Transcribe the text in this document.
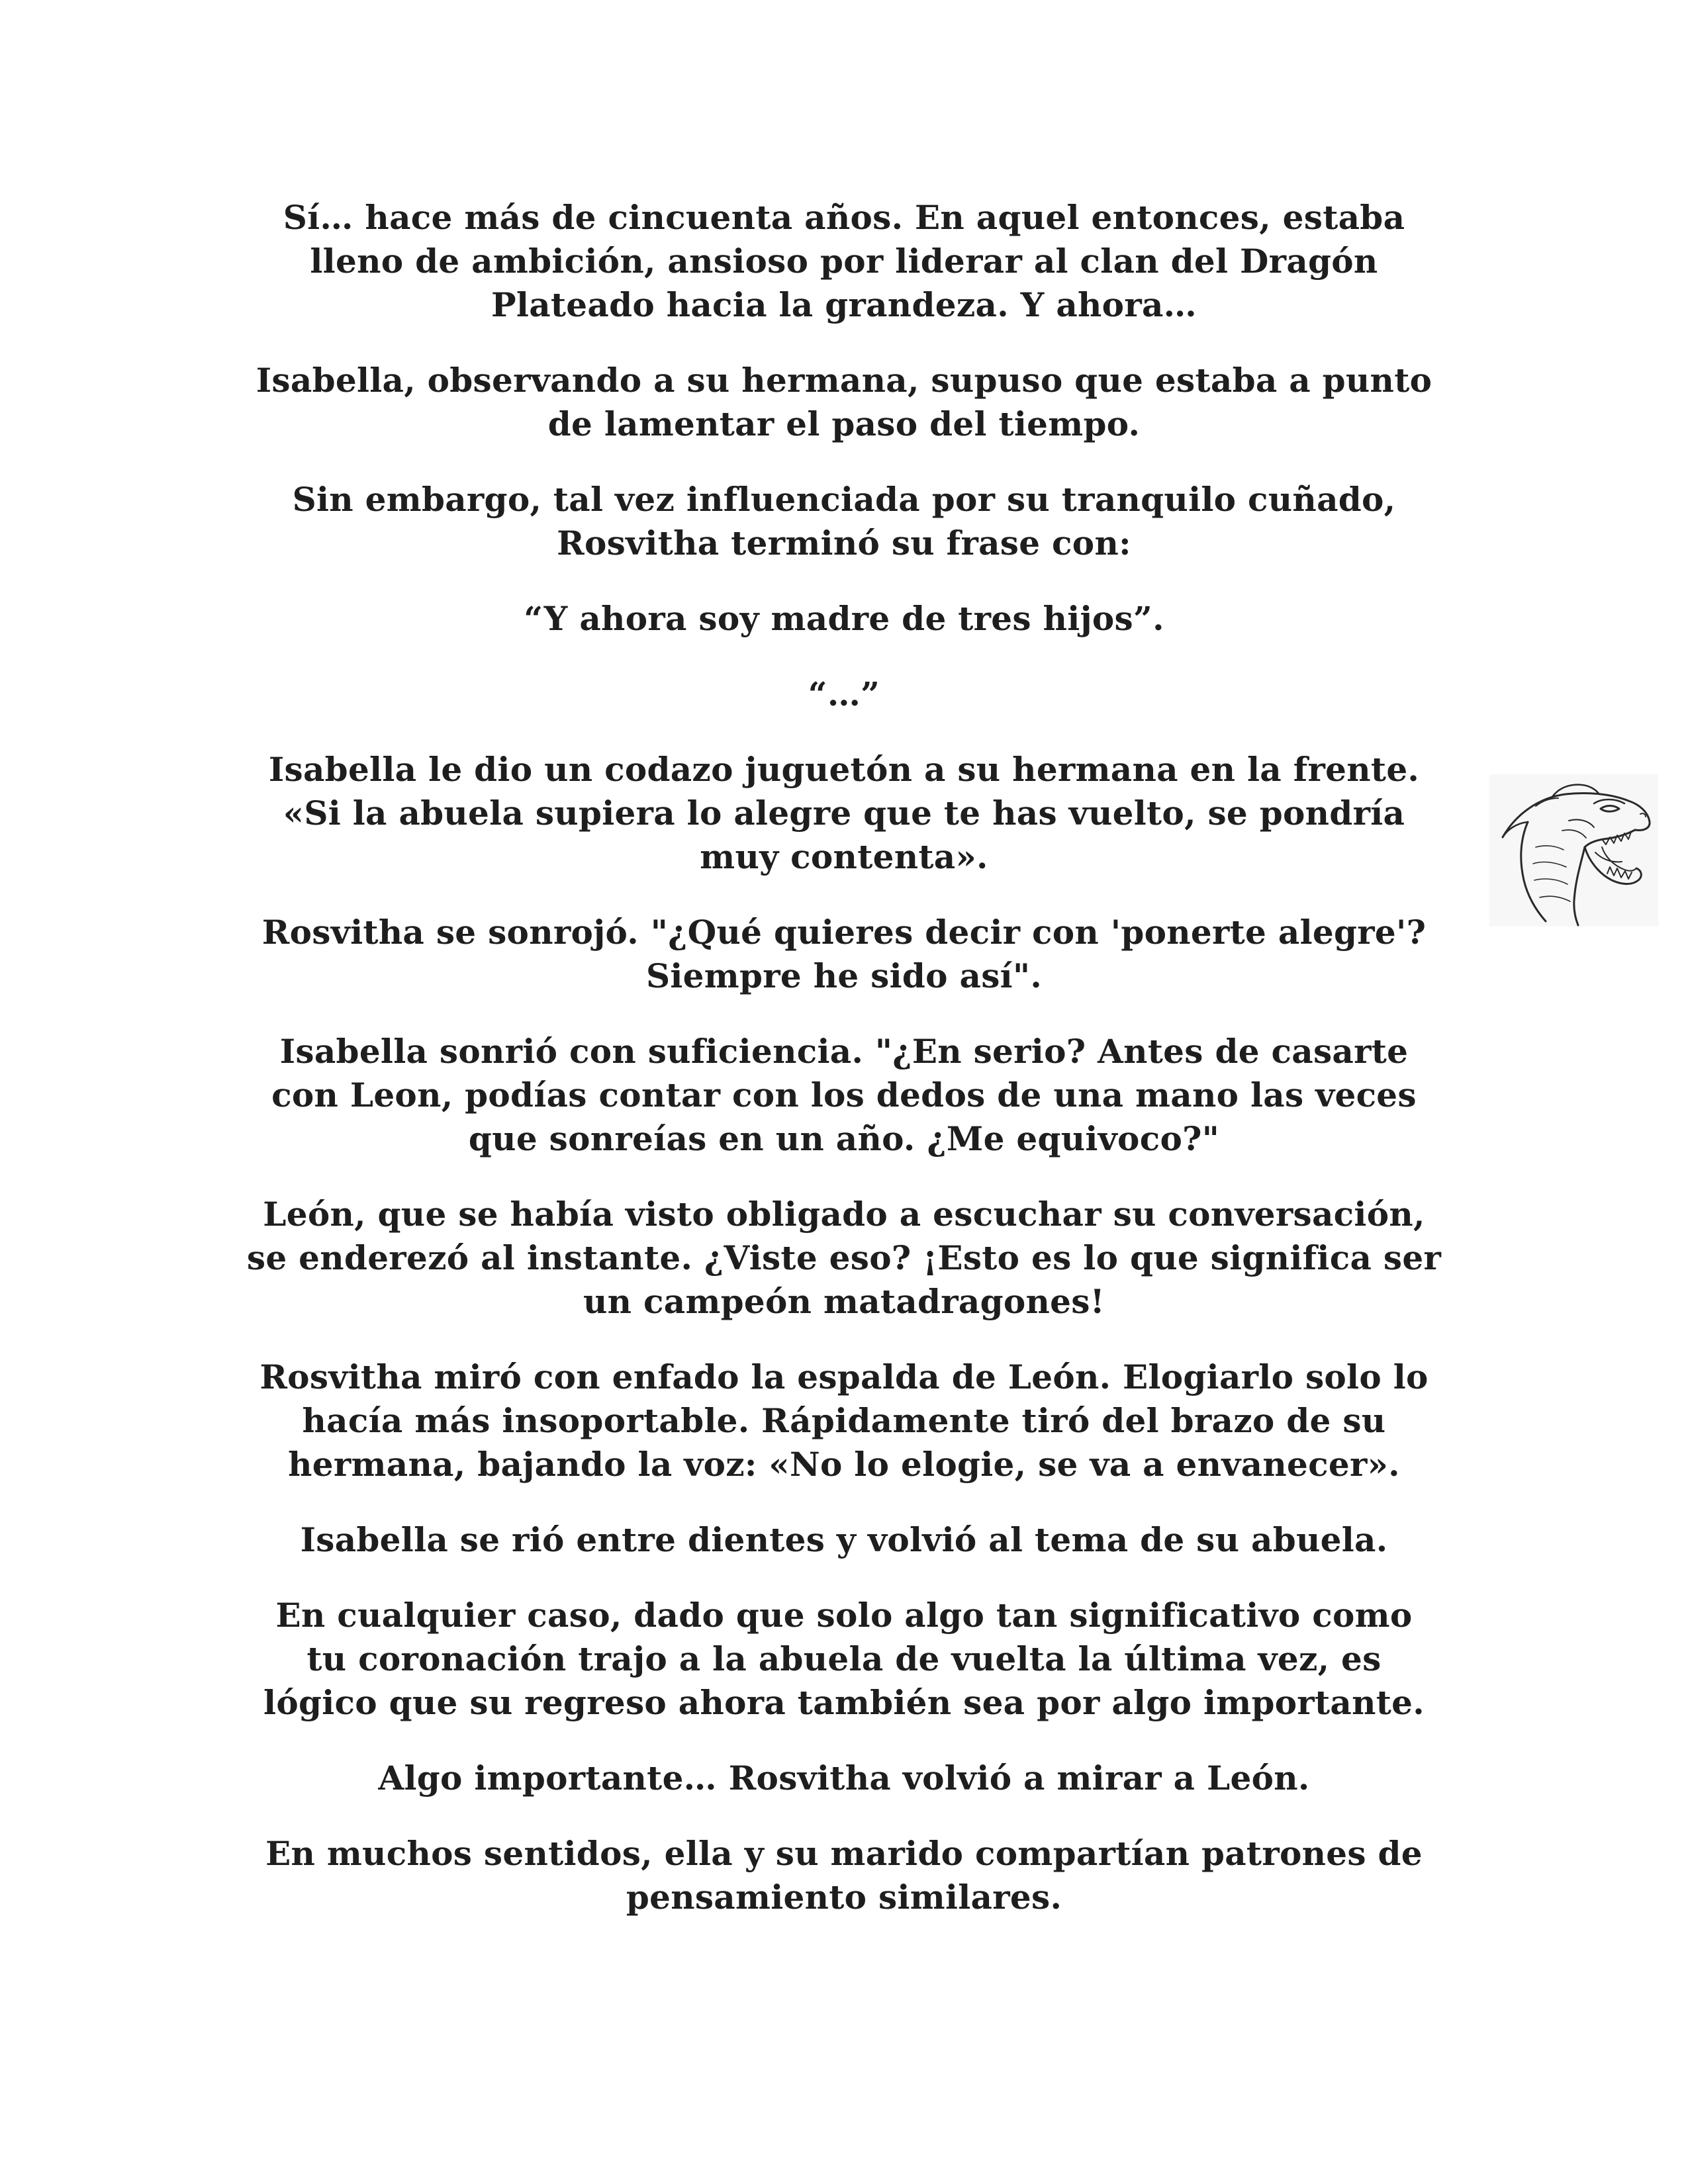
Sí… hace más de cincuenta años. En aquel entonces, estaba
lleno de ambición, ansioso por liderar al clan del Dragón
Plateado hacia la grandeza. Y ahora…

Isabella, observando a su hermana, supuso que estaba a punto
de lamentar el paso del tiempo.

Sin embargo, tal vez influenciada por su tranquilo cuñado,
Rosvitha terminó su frase con:

“Y ahora soy madre de tres hijos”.

“…”

Isabella le dio un codazo juguetón a su hermana en la frente.
«Si la abuela supiera lo alegre que te has vuelto, se pondría
muy contenta».

Rosvitha se sonrojó. "¿Qué quieres decir con 'ponerte alegre'?
Siempre he sido así".

Isabella sonrió con suficiencia. "¿En serio? Antes de casarte
con Leon, podías contar con los dedos de una mano las veces
que sonreías en un año. ¿Me equivoco?"

León, que se había visto obligado a escuchar su conversación,
se enderezó al instante. ¿Viste eso? ¡Esto es lo que significa ser
un campeón matadragones!

Rosvitha miró con enfado la espalda de León. Elogiarlo solo lo
hacía más insoportable. Rápidamente tiró del brazo de su
hermana, bajando la voz: «No lo elogie, se va a envanecer».

Isabella se rió entre dientes y volvió al tema de su abuela.

En cualquier caso, dado que solo algo tan significativo como
tu coronación trajo a la abuela de vuelta la última vez, es
lógico que su regreso ahora también sea por algo importante.

Algo importante… Rosvitha volvió a mirar a León.

En muchos sentidos, ella y su marido compartían patrones de
pensamiento similares.
